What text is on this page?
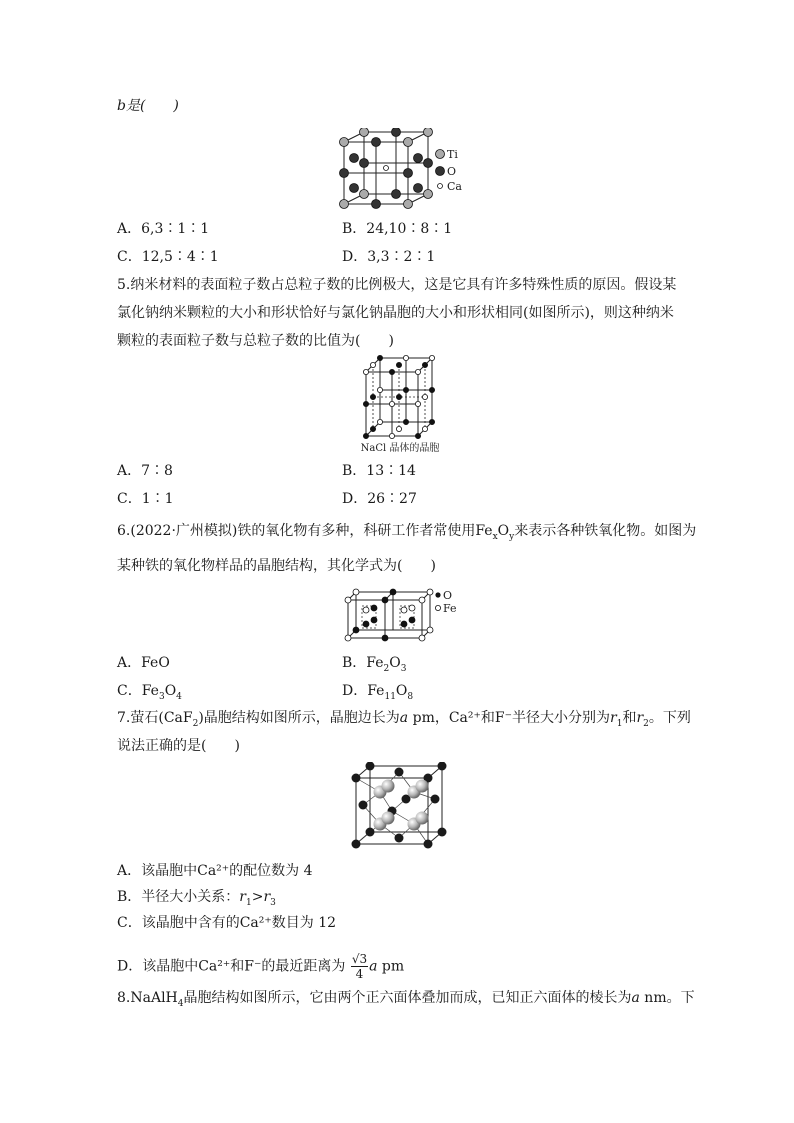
b是(　　)
Ti
O
Ca
A．6,3∶1∶1	B．24,10∶8∶1
C．12,5∶4∶1	D．3,3∶2∶1
5.纳米材料的表面粒子数占总粒子数的比例极大，这是它具有许多特殊性质的原因。假设某
氯化钠纳米颗粒的大小和形状恰好与氯化钠晶胞的大小和形状相同(如图所示)，则这种纳米
颗粒的表面粒子数与总粒子数的比值为(　　)
NaCl 晶体的晶胞
A．7∶8	B．13∶14
C．1∶1	D．26∶27
6.(2022·广州模拟)铁的氧化物有多种，科研工作者常使用$Fe_xO_y$来表示各种铁氧化物。如图为
某种铁的氧化物样品的晶胞结构，其化学式为(　　)
O
Fe
A．FeO	B．$Fe_2O_3$
C．$Fe_3O_4$	D．$Fe_{11}O_8$
7.萤石(CaF$_2$)晶胞结构如图所示，晶胞边长为a pm，Ca²⁺和F⁻半径大小分别为$r_1$和$r_2$。下列
说法正确的是(　　)
A．该晶胞中Ca²⁺的配位数为 4
B．半径大小关系：$r_1>r_3$
C．该晶胞中含有的Ca²⁺数目为 12
D．该晶胞中Ca²⁺和F⁻的最近距离为 $\frac{√3}{4}$ a pm
8.NaAlH$_4$晶胞结构如图所示，它由两个正六面体叠加而成，已知正六面体的棱长为a nm。下
